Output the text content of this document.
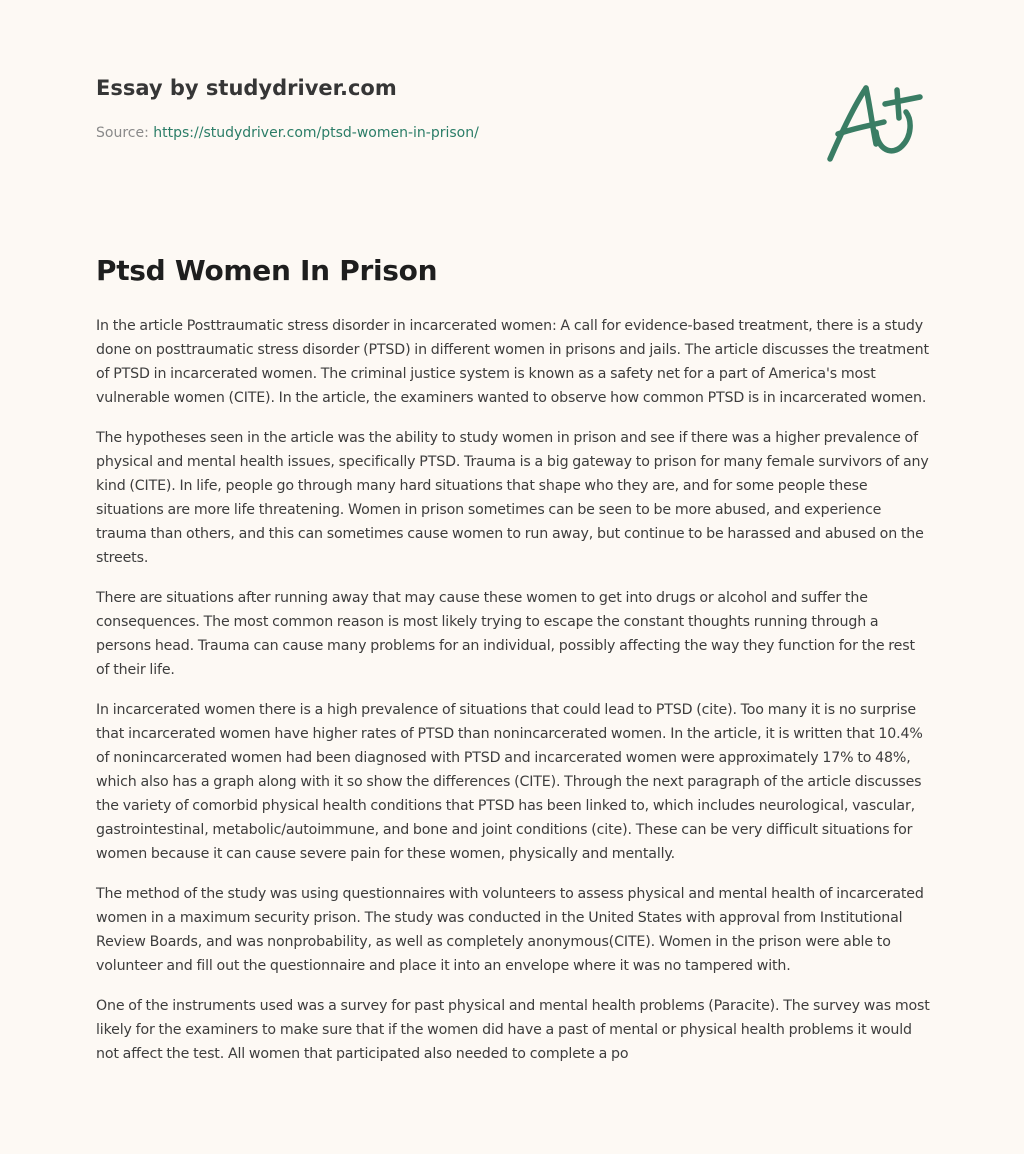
Essay by studydriver.com
Source: https://studydriver.com/ptsd-women-in-prison/
Ptsd Women In Prison

In the article Posttraumatic stress disorder in incarcerated women: A call for evidence-based treatment, there is a study done on posttraumatic stress disorder (PTSD) in different women in prisons and jails. The article discusses the treatment of PTSD in incarcerated women. The criminal justice system is known as a safety net for a part of America's most vulnerable women (CITE). In the article, the examiners wanted to observe how common PTSD is in incarcerated women.

The hypotheses seen in the article was the ability to study women in prison and see if there was a higher prevalence of physical and mental health issues, specifically PTSD. Trauma is a big gateway to prison for many female survivors of any kind (CITE). In life, people go through many hard situations that shape who they are, and for some people these situations are more life threatening. Women in prison sometimes can be seen to be more abused, and experience trauma than others, and this can sometimes cause women to run away, but continue to be harassed and abused on the streets.

There are situations after running away that may cause these women to get into drugs or alcohol and suffer the consequences. The most common reason is most likely trying to escape the constant thoughts running through a persons head. Trauma can cause many problems for an individual, possibly affecting the way they function for the rest of their life.

In incarcerated women there is a high prevalence of situations that could lead to PTSD (cite). Too many it is no surprise that incarcerated women have higher rates of PTSD than nonincarcerated women. In the article, it is written that 10.4% of nonincarcerated women had been diagnosed with PTSD and incarcerated women were approximately 17% to 48%, which also has a graph along with it so show the differences (CITE). Through the next paragraph of the article discusses the variety of comorbid physical health conditions that PTSD has been linked to, which includes neurological, vascular, gastrointestinal, metabolic/autoimmune, and bone and joint conditions (cite). These can be very difficult situations for women because it can cause severe pain for these women, physically and mentally.

The method of the study was using questionnaires with volunteers to assess physical and mental health of incarcerated women in a maximum security prison. The study was conducted in the United States with approval from Institutional Review Boards, and was nonprobability, as well as completely anonymous(CITE). Women in the prison were able to volunteer and fill out the questionnaire and place it into an envelope where it was no tampered with.

One of the instruments used was a survey for past physical and mental health problems (Paracite). The survey was most likely for the examiners to make sure that if the women did have a past of mental or physical health problems it would not affect the test. All women that participated also needed to complete a po
